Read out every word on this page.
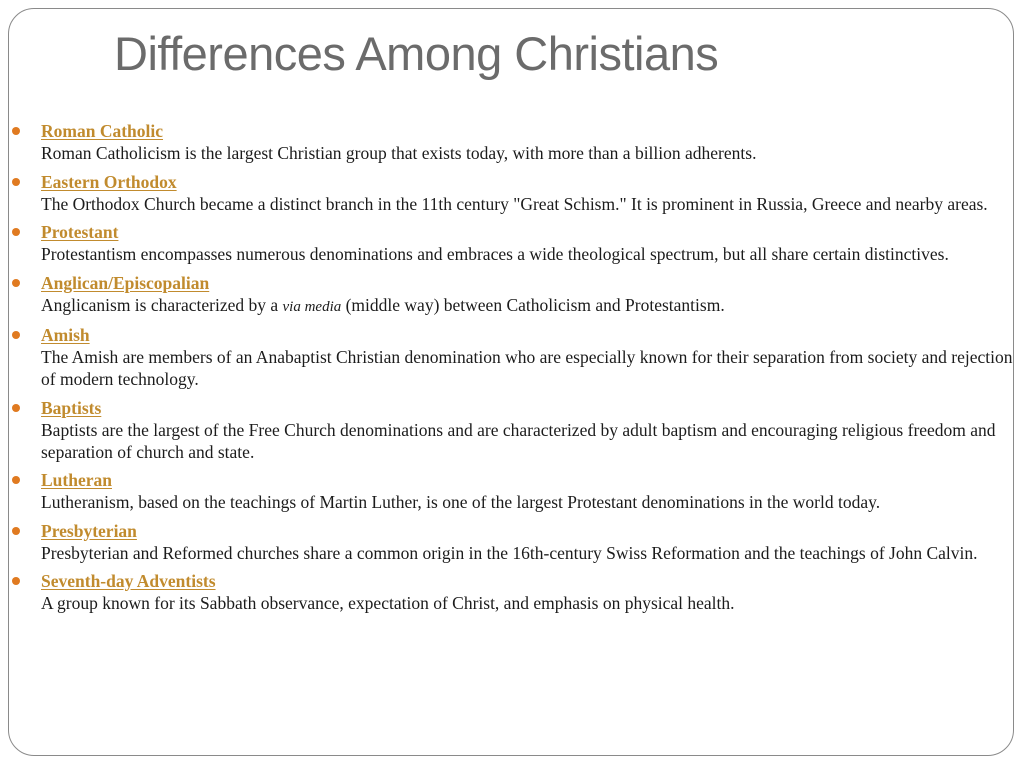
Differences Among Christians
Roman Catholic
Roman Catholicism is the largest Christian group that exists today, with more than a billion adherents.
Eastern Orthodox
The Orthodox Church became a distinct branch in the 11th century "Great Schism." It is prominent in Russia, Greece and nearby areas.
Protestant
Protestantism encompasses numerous denominations and embraces a wide theological spectrum, but all share certain distinctives.
Anglican/Episcopalian
Anglicanism is characterized by a via media (middle way) between Catholicism and Protestantism.
Amish
The Amish are members of an Anabaptist Christian denomination who are especially known for their separation from society and rejection of modern technology.
Baptists
Baptists are the largest of the Free Church denominations and are characterized by adult baptism and encouraging religious freedom and separation of church and state.
Lutheran
Lutheranism, based on the teachings of Martin Luther, is one of the largest Protestant denominations in the world today.
Presbyterian
Presbyterian and Reformed churches share a common origin in the 16th-century Swiss Reformation and the teachings of John Calvin.
Seventh-day Adventists
A group known for its Sabbath observance, expectation of Christ, and emphasis on physical health.
